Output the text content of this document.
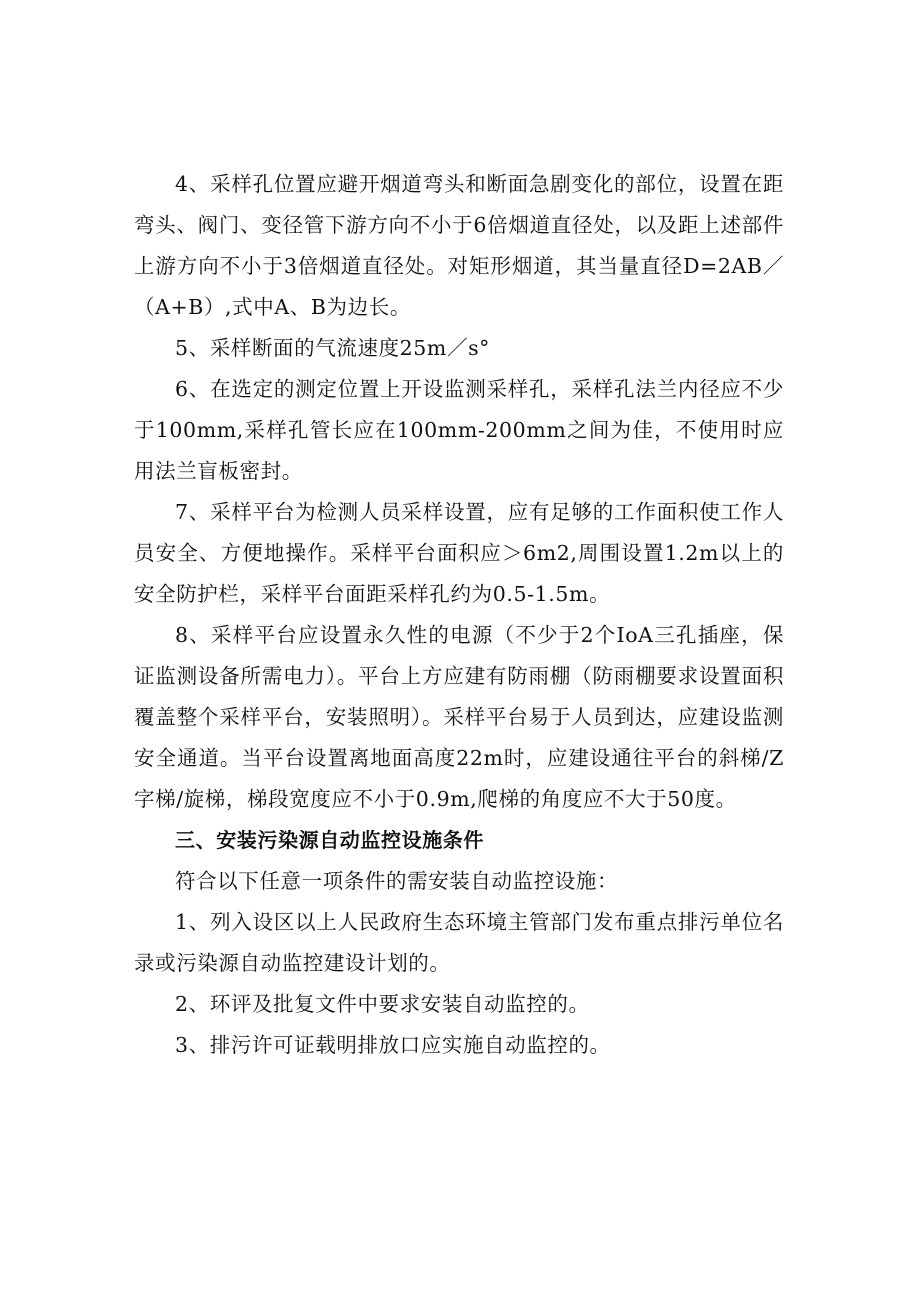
4、采样孔位置应避开烟道弯头和断面急剧变化的部位，设置在距弯头、阀门、变径管下游方向不小于6倍烟道直径处，以及距上述部件上游方向不小于3倍烟道直径处。对矩形烟道，其当量直径D=2AB／（A+B）,式中A、B为边长。

5、采样断面的气流速度25m／s°

6、在选定的测定位置上开设监测采样孔，采样孔法兰内径应不少于100mm,采样孔管长应在100mm-200mm之间为佳，不使用时应用法兰盲板密封。

7、采样平台为检测人员采样设置，应有足够的工作面积使工作人员安全、方便地操作。采样平台面积应＞6m2,周围设置1.2m以上的安全防护栏，采样平台面距采样孔约为0.5-1.5m。

8、采样平台应设置永久性的电源（不少于2个IoA三孔插座，保证监测设备所需电力）。平台上方应建有防雨棚（防雨棚要求设置面积覆盖整个采样平台，安装照明）。采样平台易于人员到达，应建设监测安全通道。当平台设置离地面高度22m时，应建设通往平台的斜梯/Z字梯/旋梯，梯段宽度应不小于0.9m,爬梯的角度应不大于50度。

三、安装污染源自动监控设施条件

符合以下任意一项条件的需安装自动监控设施：

1、列入设区以上人民政府生态环境主管部门发布重点排污单位名录或污染源自动监控建设计划的。

2、环评及批复文件中要求安装自动监控的。

3、排污许可证载明排放口应实施自动监控的。
